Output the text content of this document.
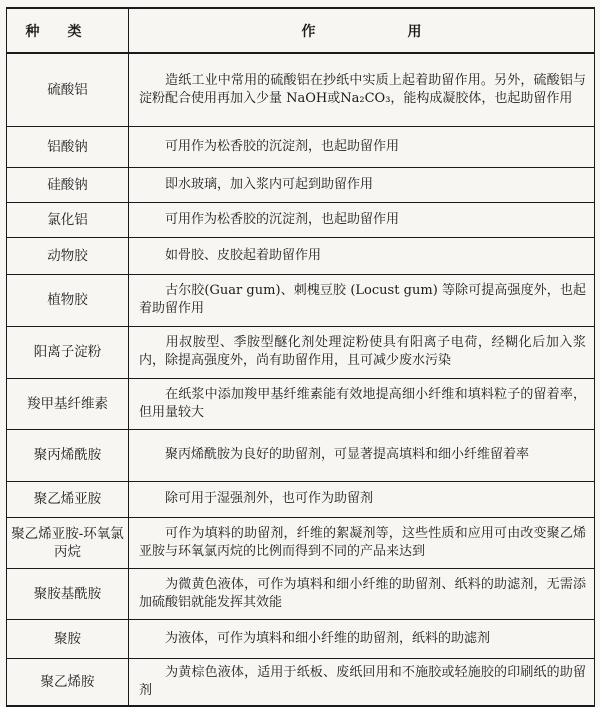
种类	作用
硫酸铝	造纸工业中常用的硫酸铝在抄纸中实质上起着助留作用。另外，硫酸铝与淀粉配合使用再加入少量 NaOH或Na₂CO₃，能构成凝胶体，也起助留作用
铝酸钠	可用作为松香胶的沉淀剂，也起助留作用
硅酸钠	即水玻璃，加入浆内可起到助留作用
氯化铝	可用作为松香胶的沉淀剂，也起助留作用
动物胶	如骨胶、皮胶起着助留作用
植物胶	古尔胶(Guar gum)、刺槐豆胶 (Locust gum) 等除可提高强度外，也起着助留作用
阳离子淀粉	用叔胺型、季胺型醚化剂处理淀粉使具有阳离子电荷，经糊化后加入浆内，除提高强度外，尚有助留作用，且可减少废水污染
羧甲基纤维素	在纸浆中添加羧甲基纤维素能有效地提高细小纤维和填料粒子的留着率，但用量较大
聚丙烯酰胺	聚丙烯酰胺为良好的助留剂，可显著提高填料和细小纤维留着率
聚乙烯亚胺	除可用于湿强剂外，也可作为助留剂
聚乙烯亚胺-环氧氯丙烷	可作为填料的助留剂，纤维的絮凝剂等，这些性质和应用可由改变聚乙烯亚胺与环氧氯丙烷的比例而得到不同的产品来达到
聚胺基酰胺	为微黄色液体，可作为填料和细小纤维的助留剂、纸料的助滤剂，无需添加硫酸铝就能发挥其效能
聚胺	为液体，可作为填料和细小纤维的助留剂，纸料的助滤剂
聚乙烯胺	为黄棕色液体，适用于纸板、废纸回用和不施胶或轻施胶的印刷纸的助留剂
